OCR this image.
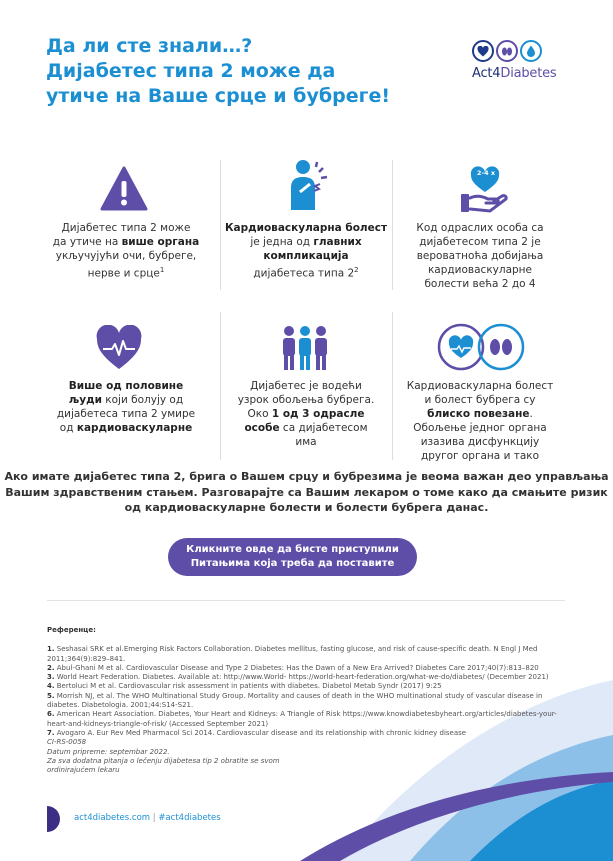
Да ли сте знали…?
Дијабетес типа 2 може да
утиче на Ваше срце и бубреге!
Act4Diabetes
2-4 x
Дијабетес типа 2 може
да утиче на више органа
укључујући очи, бубреге,
нерве и срце$^1$
Кардиоваскуларна болест
је једна од главних
компликација
дијабетеса типа $2^2$
Код одраслих особа са
дијабетесом типа 2 је
вероватноћа добијања
кардиоваскуларне
болести већа 2 до 4
Више од половине
људи који болују од
дијабетеса типа 2 умире
од кардиоваскуларне
Дијабетес је водећи
узрок обољења бубрега.
Око 1 од 3 одрасле
особе са дијабетесом
има
Кардиоваскуларна болест
и болест бубрега су
блиско повезане.
Обољење једног органа
изазива дисфункцију
другог органа и тако
Ако имате дијабетес типа 2, брига о Вашем срцу и бубрезима је веома важан део управљања
Вашим здравственим стањем. Разговарајте са Вашим лекаром о томе како да смањите ризик
од кардиоваскуларне болести и болести бубрега данас.
Кликните овде да бисте приступили
Питањима која треба да поставите
Референце:
1. Seshasai SRK et al.Emerging Risk Factors Collaboration. Diabetes mellitus, fasting glucose, and risk of cause-specific death. N Engl J Med 2011;364(9):829–841.
2. Abul-Ghani M et al. Cardiovascular Disease and Type 2 Diabetes: Has the Dawn of a New Era Arrived? Diabetes Care 2017;40(7):813–820
3. World Heart Federation. Diabetes. Available at: http://www.World- https://world-heart-federation.org/what-we-do/diabetes/ (December 2021)
4. Bertoluci M et al. Cardiovascular risk assessment in patients with diabetes. Diabetol Metab Syndr (2017) 9:25
5. Morrish NJ, et al. The WHO Multinational Study Group. Mortality and causes of death in the WHO multinational study of vascular disease in diabetes. Diabetologia. 2001;44:S14-S21.
6. American Heart Association. Diabetes, Your Heart and Kidneys: A Triangle of Risk https://www.knowdiabetesbyheart.org/articles/diabetes-your-heart-and-kidneys-triangle-of-risk/ (Accessed September 2021)
7. Avogaro A. Eur Rev Med Pharmacol Sci 2014. Cardiovascular disease and its relationship with chronic kidney disease
CI-RS-0058
Datum pripreme: septembar 2022.
Za sva dodatna pitanja o lečenju dijabetesa tip 2 obratite se svom
ordinirajućem lekaru
act4diabetes.com | #act4diabetes
